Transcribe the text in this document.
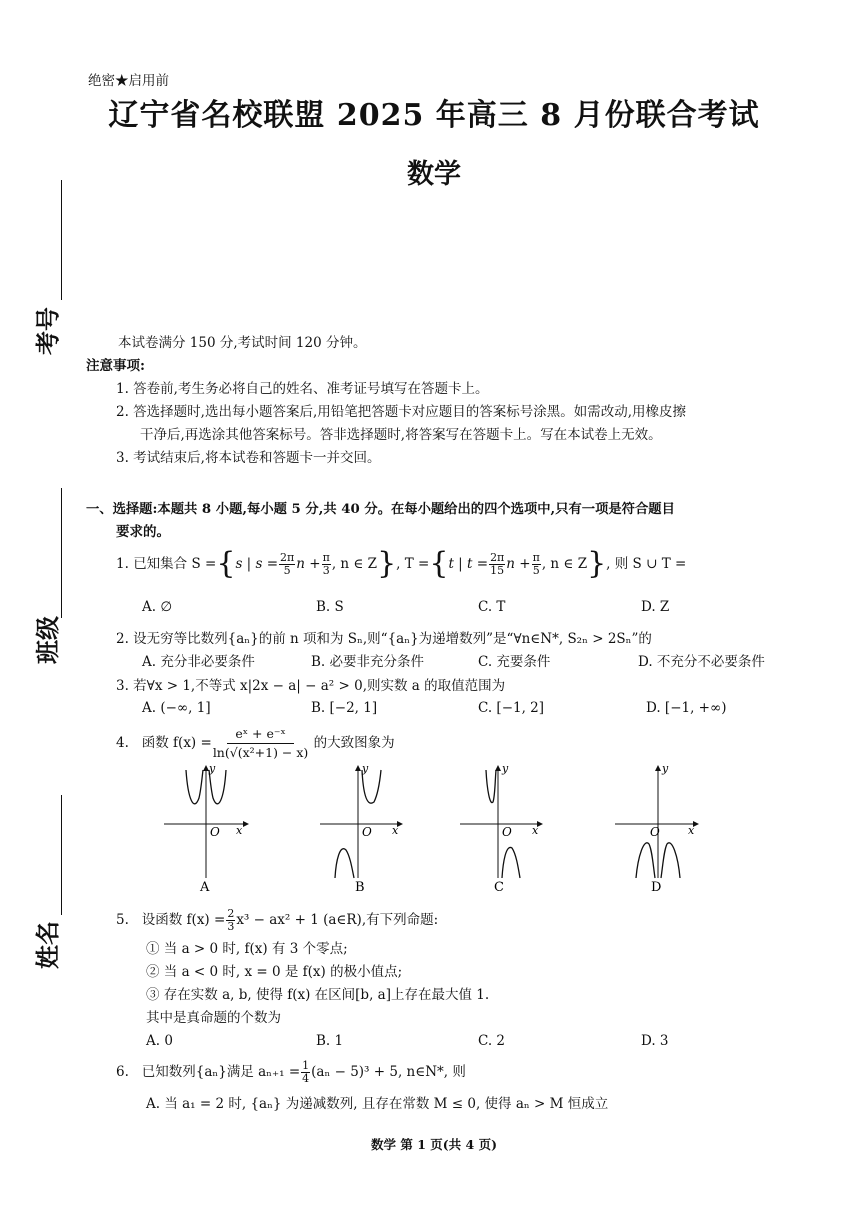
绝密★启用前
辽宁省名校联盟 2025 年高三 8 月份联合考试
数学
考号
班级
姓名
本试卷满分 150 分,考试时间 120 分钟。
注意事项:
1. 答卷前,考生务必将自己的姓名、准考证号填写在答题卡上。
2. 答选择题时,选出每小题答案后,用铅笔把答题卡对应题目的答案标号涂黑。如需改动,用橡皮擦
干净后,再选涂其他答案标号。答非选择题时,将答案写在答题卡上。写在本试卷上无效。
3. 考试结束后,将本试卷和答题卡一并交回。
一、选择题:本题共 8 小题,每小题 5 分,共 40 分。在每小题给出的四个选项中,只有一项是符合题目
要求的。
1.
已知集合 S = { s | $s = \frac{2\pi}{5}$ $n + \frac{\pi}{3}$ , n ∈ Z } , T = { t | $t = \frac{2\pi}{15}$ $n + \frac{\pi}{5}$ , n ∈ Z } , 则 S ∪ T =
A. ∅	B. S	C. T	D. Z
2. 设无穷等比数列{aₙ}的前 n 项和为 Sₙ,则“{aₙ}为递增数列”是“∀n∈N*, S₂ₙ > 2Sₙ”的
A. 充分非必要条件	B. 必要非充分条件	C. 充要条件	D. 不充分不必要条件
3. 若∀x > 1,不等式 x|2x − a| − a² > 0,则实数 a 的取值范围为
A. (−∞, 1]	B. [−2, 1]	C. [−1, 2]	D. [−1, +∞)
4.
函数 $f(x) = \frac{\text{eˣ + e⁻ˣ}}{\text{ln(√(x²+1) − x)}}$
的大致图象为
O x
y
A
O x
y
B
O x
y
C
O	x
y
D
5.
设函数 $f(x) = \frac{2}{3} x^3 - ax^2 + 1$ (a∈R),有下列命题:
① 当 a > 0 时, f(x) 有 3 个零点;
② 当 a < 0 时, x = 0 是 f(x) 的极小值点;
③ 存在实数 a, b, 使得 f(x) 在区间[b, a]上存在最大值 1.
其中是真命题的个数为
A. 0	B. 1	C. 2	D. 3
6.
已知数列{aₙ}满足 $a_{n+1} = \frac{1}{4} (a_n - 5)^3 + 5$, n∈N*, 则
A. 当 a₁ = 2 时, {aₙ} 为递减数列, 且存在常数 M ≤ 0, 使得 aₙ > M 恒成立
数学 第 1 页(共 4 页)
